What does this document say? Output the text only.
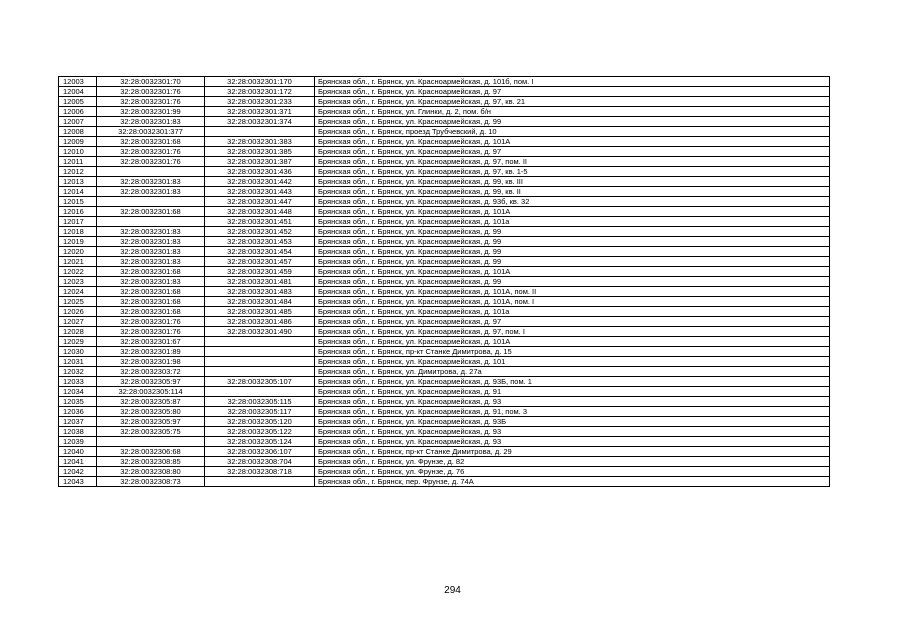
12003	32:28:0032301:70	32:28:0032301:170	Брянская обл., г. Брянск, ул. Красноармейская, д. 101б, пом. I
12004	32:28:0032301:76	32:28:0032301:172	Брянская обл., г. Брянск, ул. Красноармейская, д. 97
12005	32:28:0032301:76	32:28:0032301:233	Брянская обл., г. Брянск, ул. Красноармейская, д. 97, кв. 21
12006	32:28:0032301:99	32:28:0032301:371	Брянская обл., г. Брянск, ул. Глинки, д. 2, пом. б/н
12007	32:28:0032301:83	32:28:0032301:374	Брянская обл., г. Брянск, ул. Красноармейская, д. 99
12008	32:28:0032301:377		Брянская обл., г. Брянск, проезд Трубчевский, д. 10
12009	32:28:0032301:68	32:28:0032301:383	Брянская обл., г. Брянск, ул. Красноармейская, д. 101А
12010	32:28:0032301:76	32:28:0032301:385	Брянская обл., г. Брянск, ул. Красноармейская, д. 97
12011	32:28:0032301:76	32:28:0032301:387	Брянская обл., г. Брянск, ул. Красноармейская, д. 97, пом. II
12012		32:28:0032301:436	Брянская обл., г. Брянск, ул. Красноармейская, д. 97, кв. 1-5
12013	32:28:0032301:83	32:28:0032301:442	Брянская обл., г. Брянск, ул. Красноармейская, д. 99, кв. III
12014	32:28:0032301:83	32:28:0032301:443	Брянская обл., г. Брянск, ул. Красноармейская, д. 99, кв. II
12015		32:28:0032301:447	Брянская обл., г. Брянск, ул. Красноармейская, д. 93б, кв. 32
12016	32:28:0032301:68	32:28:0032301:448	Брянская обл., г. Брянск, ул. Красноармейская, д. 101А
12017		32:28:0032301:451	Брянская обл., г. Брянск, ул. Красноармейская, д. 101а
12018	32:28:0032301:83	32:28:0032301:452	Брянская обл., г. Брянск, ул. Красноармейская, д. 99
12019	32:28:0032301:83	32:28:0032301:453	Брянская обл., г. Брянск, ул. Красноармейская, д. 99
12020	32:28:0032301:83	32:28:0032301:454	Брянская обл., г. Брянск, ул. Красноармейская, д. 99
12021	32:28:0032301:83	32:28:0032301:457	Брянская обл., г. Брянск, ул. Красноармейская, д. 99
12022	32:28:0032301:68	32:28:0032301:459	Брянская обл., г. Брянск, ул. Красноармейская, д. 101А
12023	32:28:0032301:83	32:28:0032301:481	Брянская обл., г. Брянск, ул. Красноармейская, д. 99
12024	32:28:0032301:68	32:28:0032301:483	Брянская обл., г. Брянск, ул. Красноармейская, д. 101А, пом. II
12025	32:28:0032301:68	32:28:0032301:484	Брянская обл., г. Брянск, ул. Красноармейская, д. 101А, пом. I
12026	32:28:0032301:68	32:28:0032301:485	Брянская обл., г. Брянск, ул. Красноармейская, д. 101а
12027	32:28:0032301:76	32:28:0032301:486	Брянская обл., г. Брянск, ул. Красноармейская, д. 97
12028	32:28:0032301:76	32:28:0032301:490	Брянская обл., г. Брянск, ул. Красноармейская, д. 97, пом. I
12029	32:28:0032301:67		Брянская обл., г. Брянск, ул. Красноармейская, д. 101А
12030	32:28:0032301:89		Брянская обл., г. Брянск, пр-кт Станке Димитрова, д. 15
12031	32:28:0032301:98		Брянская обл., г. Брянск, ул. Красноармейская, д. 101
12032	32:28:0032303:72		Брянская обл., г. Брянск, ул. Димитрова, д. 27а
12033	32:28:0032305:97	32:28:0032305:107	Брянская обл., г. Брянск, ул. Красноармейская, д. 93Б, пом. 1
12034	32:28:0032305:114		Брянская обл., г. Брянск, ул. Красноармейская, д. 91
12035	32:28:0032305:87	32:28:0032305:115	Брянская обл., г. Брянск, ул. Красноармейская, д. 93
12036	32:28:0032305:80	32:28:0032305:117	Брянская обл., г. Брянск, ул. Красноармейская, д. 91, пом. 3
12037	32:28:0032305:97	32:28:0032305:120	Брянская обл., г. Брянск, ул. Красноармейская, д. 93Б
12038	32:28:0032305:75	32:28:0032305:122	Брянская обл., г. Брянск, ул. Красноармейская, д. 93
12039		32:28:0032305:124	Брянская обл., г. Брянск, ул. Красноармейская, д. 93
12040	32:28:0032306:68	32:28:0032306:107	Брянская обл., г. Брянск, пр-кт Станке Димитрова, д. 29
12041	32:28:0032308:85	32:28:0032308:704	Брянская обл., г. Брянск, ул. Фрунзе, д. 82
12042	32:28:0032308:80	32:28:0032308:718	Брянская обл., г. Брянск, ул. Фрунзе, д. 76
12043	32:28:0032308:73		Брянская обл., г. Брянск, пер. Фрунзе, д. 74А
294
